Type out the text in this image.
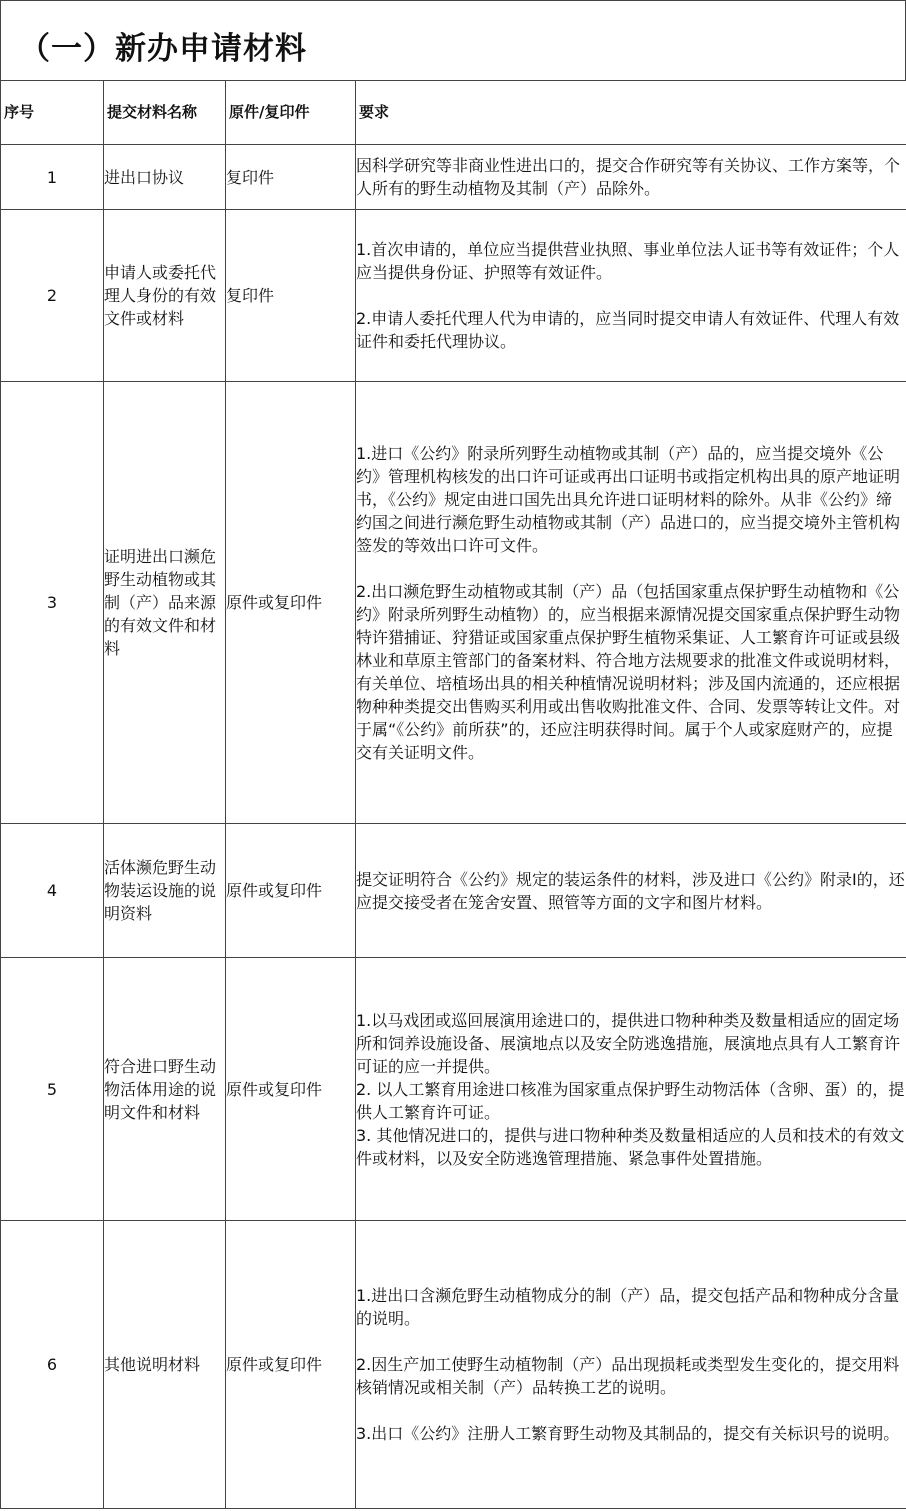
（一）新办申请材料
序号	提交材料名称	原件/复印件	要求
1	进出口协议	复印件	因科学研究等非商业性进出口的，提交合作研究等有关协议、工作方案等，个人所有的野生动植物及其制（产）品除外。

2	申请人或委托代理人身份的有效文件或材料	复印件	1.首次申请的，单位应当提供营业执照、事业单位法人证书等有效证件；个人应当提供身份证、护照等有效证件。
2.申请人委托代理人代为申请的，应当同时提交申请人有效证件、代理人有效证件和委托代理协议。

3	证明进出口濒危野生动植物或其制（产）品来源的有效文件和材料	原件或复印件	1.进口《公约》附录所列野生动植物或其制（产）品的，应当提交境外《公约》管理机构核发的出口许可证或再出口证明书或指定机构出具的原产地证明书，《公约》规定由进口国先出具允许进口证明材料的除外。从非《公约》缔约国之间进行濒危野生动植物或其制（产）品进口的，应当提交境外主管机构签发的等效出口许可文件。
2.出口濒危野生动植物或其制（产）品（包括国家重点保护野生动植物和《公约》附录所列野生动植物）的，应当根据来源情况提交国家重点保护野生动物特许猎捕证、狩猎证或国家重点保护野生植物采集证、人工繁育许可证或县级林业和草原主管部门的备案材料、符合地方法规要求的批准文件或说明材料，有关单位、培植场出具的相关种植情况说明材料；涉及国内流通的，还应根据物种种类提交出售购买利用或出售收购批准文件、合同、发票等转让文件。对于属“《公约》前所获”的，还应注明获得时间。属于个人或家庭财产的，应提交有关证明文件。

4	活体濒危野生动物装运设施的说明资料	原件或复印件	提交证明符合《公约》规定的装运条件的材料，涉及进口《公约》附录Ⅰ的，还应提交接受者在笼舍安置、照管等方面的文字和图片材料。

5	符合进口野生动物活体用途的说明文件和材料	原件或复印件	1.以马戏团或巡回展演用途进口的，提供进口物种种类及数量相适应的固定场所和饲养设施设备、展演地点以及安全防逃逸措施，展演地点具有人工繁育许可证的应一并提供。
2. 以人工繁育用途进口核准为国家重点保护野生动物活体（含卵、蛋）的，提供人工繁育许可证。
3. 其他情况进口的，提供与进口物种种类及数量相适应的人员和技术的有效文件或材料，以及安全防逃逸管理措施、紧急事件处置措施。

6	其他说明材料	原件或复印件	1.进出口含濒危野生动植物成分的制（产）品，提交包括产品和物种成分含量的说明。
2.因生产加工使野生动植物制（产）品出现损耗或类型发生变化的，提交用料核销情况或相关制（产）品转换工艺的说明。
3.出口《公约》注册人工繁育野生动物及其制品的，提交有关标识号的说明。
